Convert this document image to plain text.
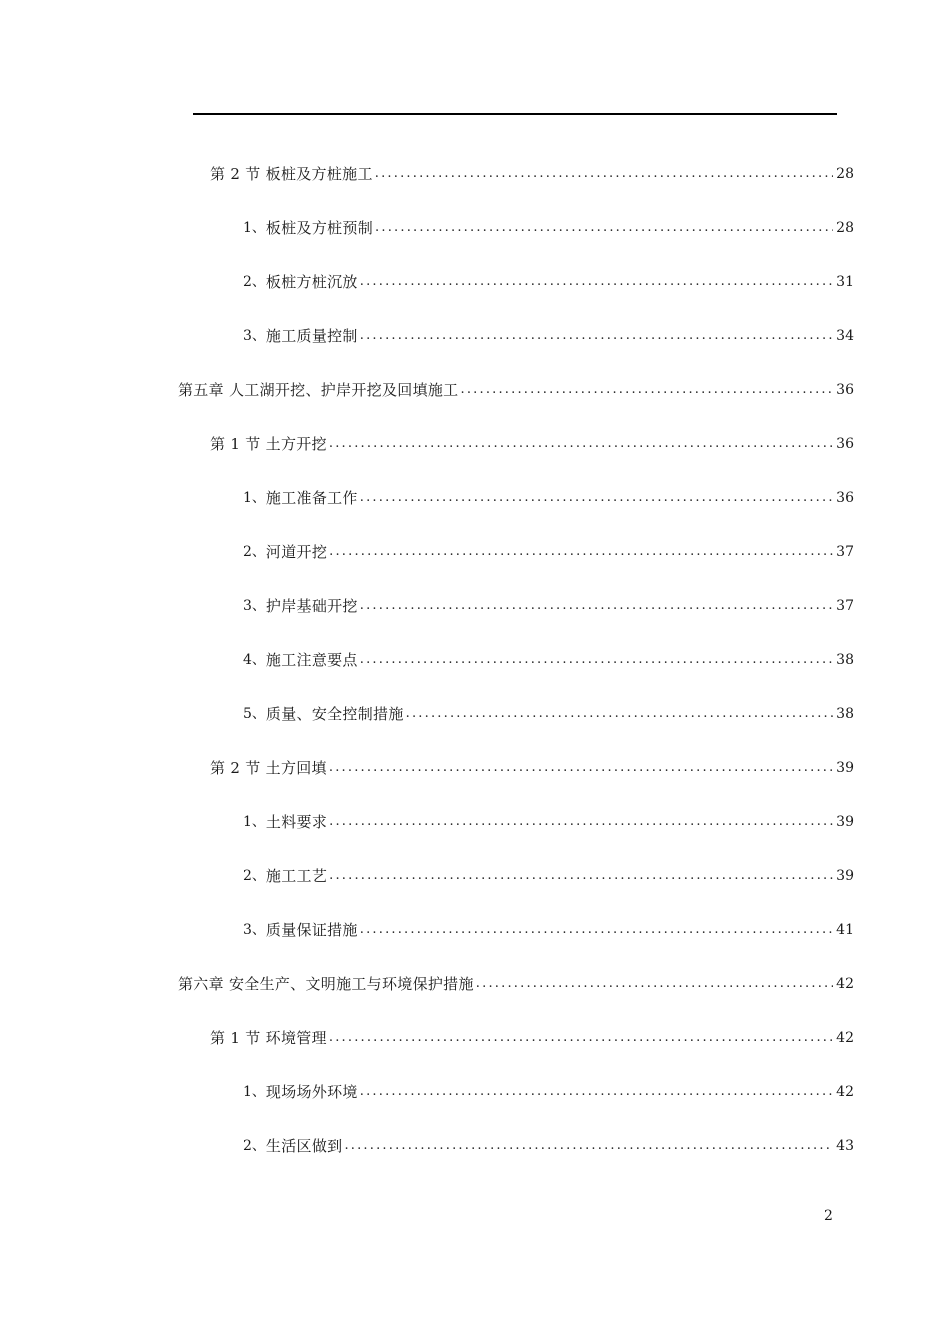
第 2 节 板桩及方桩施工 .....	28
1、 板桩及方桩预制 .....	28
2、 板桩方桩沉放 .....	31
3、 施工质量控制 .....	34
第五章 人工湖开挖、护岸开挖及回填施工 .....	36
第 1 节 土方开挖 .....	36
1、 施工准备工作 .....	36
2、 河道开挖 .....	37
3、 护岸基础开挖 .....	37
4、 施工注意要点 .....	38
5、 质量、安全控制措施 .....	38
第 2 节 土方回填 .....	39
1、 土料要求 .....	39
2、 施工工艺 .....	39
3、 质量保证措施 .....	41
第六章 安全生产、文明施工与环境保护措施 .....	42
第 1 节 环境管理 .....	42
1、 现场场外环境 .....	42
2、 生活区做到 .....	43
2
